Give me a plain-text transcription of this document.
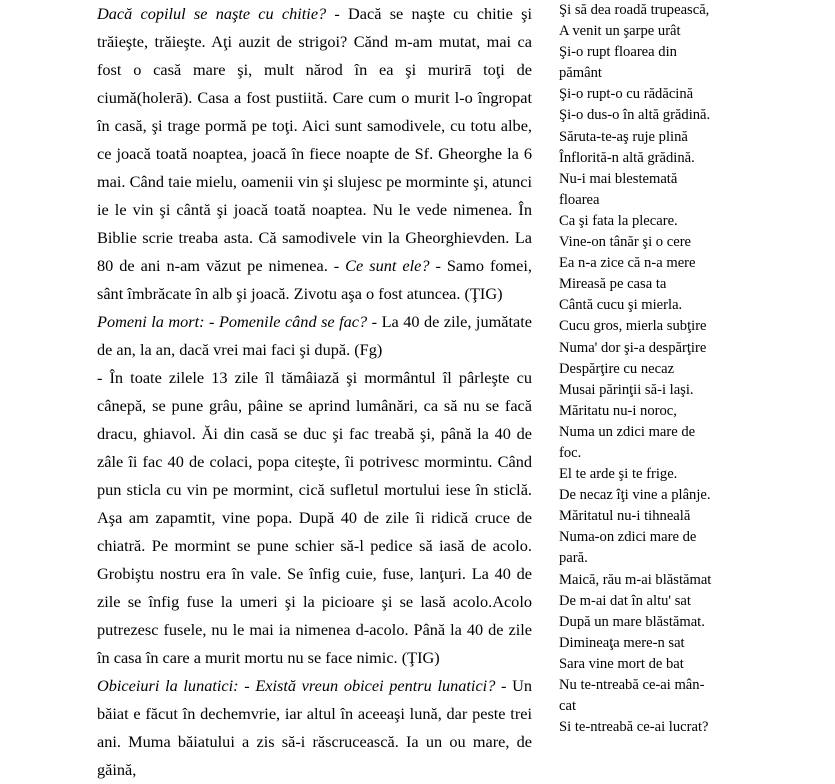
Dacă copilul se naşte cu chitie? - Dacă se naşte cu chitie şi trăieşte, trăieşte. Aţi auzit de strigoi? Cănd m-am mutat, mai ca fost o casă mare şi, mult nărod în ea şi murirā toţi de ciumă(holerā). Casa a fost pustiită. Care cum o murit l-o îngropat în casă, şi trage pormă pe toţi. Aici sunt samodivele, cu totu albe, ce joacă toată noaptea, joacă în fiece noapte de Sf. Gheorghe la 6 mai. Când taie mielu, oamenii vin şi slujesc pe morminte şi, atunci ie le vin şi cântă şi joacă toată noaptea. Nu le vede nimenea. În Biblie scrie treaba asta. Că samodivele vin la Gheorghievden. La 80 de ani n-am văzut pe nimenea. - Ce sunt ele? - Samo fomei, sânt îmbrăcate în alb şi joacă. Zivotu aşa o fost atuncea. (ŢIG)

Pomeni la mort: - Pomenile când se fac? - La 40 de zile, jumătate de an, la an, dacă vrei mai faci şi după. (Fg)

- În toate zilele 13 zile îl tămâiază şi mormântul îl pârleşte cu cânepă, se pune grâu, pâine se aprind lumânări, ca să nu se facă dracu, ghiavol. Ăi din casă se duc şi fac treabă şi, până la 40 de zâle îi fac 40 de colaci, popa citeşte, îi potrivesc mormintu. Când pun sticla cu vin pe mormint, cică sufletul mortului iese în sticlă. Aşa am zapamtit, vine popa. După 40 de zile îi ridică cruce de chiatră. Pe mormint se pune schier să-l pedice să iasă de acolo. Grobiştu nostru era în vale. Se înfig cuie, fuse, lanţuri. La 40 de zile se înfig fuse la umeri şi la picioare şi se lasă acolo.Acolo putrezesc fusele, nu le mai ia nimenea d-acolo. Până la 40 de zile în casa în care a murit mortu nu se face nimic. (ŢIG)

Obiceiuri la lunatici: - Există vreun obicei pentru lunatici? - Un băiat e făcut în dechemvrie, iar altul în aceeaşi lună, dar peste trei ani. Muma băiatului a zis să-i răscrucească. Ia un ou mare, de găină,

Şi să dea roadă trupească,

A venit un şarpe urât

Şi-o rupt floarea din

pământ

Şi-o rupt-o cu rădăcină

Şi-o dus-o în altă grădină.

Săruta-te-aş ruje plină

Înflorită-n altă grădină.

Nu-i mai blestemată

floarea

Ca şi fata la plecare.

Vine-on tânăr şi o cere

Ea n-a zice că n-a mere

Mireasă pe casa ta

Cântă cucu şi mierla.

Cucu gros, mierla subţire

Numa' dor şi-a despărţire

Despărţire cu necaz

Musai părinţii să-i laşi.

Măritatu nu-i noroc,

Numa un zdici mare de

foc.

El te arde şi te frige.

De necaz îţi vine a plânje.

Măritatul nu-i tihneală

Numa-on zdici mare de

pară.

Maică, rău m-ai blăstămat

De m-ai dat în altu' sat

După un mare blăstămat.

Dimineaţa mere-n sat

Sara vine mort de bat

Nu te-ntreabă ce-ai mân-

cat

Si te-ntreabă ce-ai lucrat?
